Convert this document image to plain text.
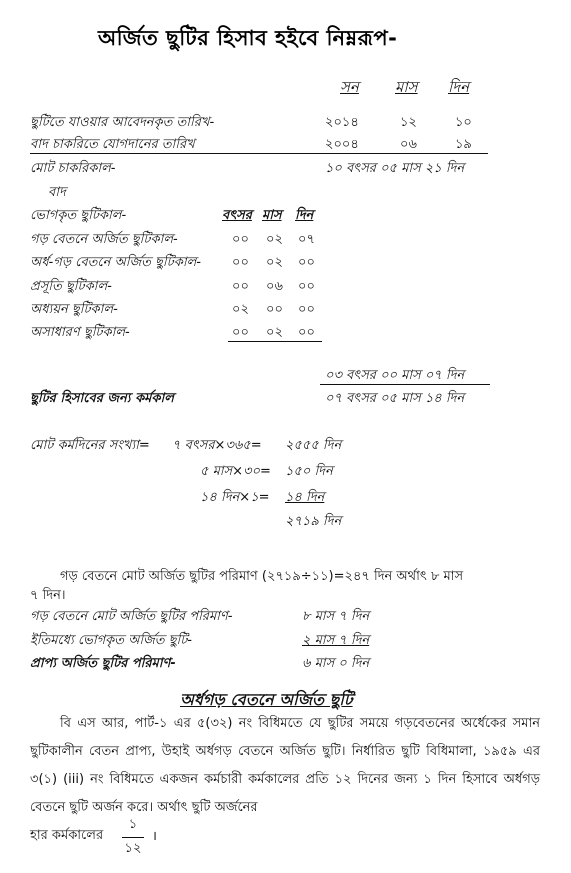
অর্জিত ছুটির হিসাব হইবে নিম্নরূপ-
সন মাস দিন
ছুটিতে যাওয়ার আবেদনকৃত তারিখ-	২০১৪	১২	১০
বাদ চাকরিতে যোগদানের তারিখ	২০০৪	০৬	১৯
মোট চাকরিকাল-	১০ বৎসর ০৫ মাস ২১ দিন
বাদ
ভোগকৃত ছুটিকাল-	বৎসর মাস দিন
গড় বেতনে অর্জিত ছুটিকাল-	০০ ০২ ০৭
অর্ধ-গড় বেতনে অর্জিত ছুটিকাল- ০০ ০২ ০০
প্রসূতি ছুটিকাল-	০০ ০৬ ০০
অধ্যয়ন ছুটিকাল-	০২ ০০ ০০
অসাধারণ ছুটিকাল-	০০ ০২ ০০
০৩ বৎসর ০০ মাস ০৭ দিন
ছুটির হিসাবের জন্য কর্মকাল	০৭ বৎসর ০৫ মাস ১৪ দিন
মোট কর্মদিনের সংখ্যা= ৭ বৎসর×৩৬৫= ২৫৫৫ দিন
৫ মাস×৩০= ১৫০ দিন
১৪ দিন×১= ১৪ দিন
২৭১৯ দিন
গড় বেতনে মোট অর্জিত ছুটির পরিমাণ (২৭১৯÷১১)=২৪৭ দিন অর্থাৎ ৮ মাস
৭ দিন।
গড় বেতনে মোট অর্জিত ছুটির পরিমাণ-	৮ মাস ৭ দিন
ইতিমধ্যে ভোগকৃত অর্জিত ছুটি-	২ মাস ৭ দিন
প্রাপ্য অর্জিত ছুটির পরিমাণ-	৬ মাস ০ দিন
অর্ধগড় বেতনে অর্জিত ছুটি
বি এস আর, পার্ট-১ এর ৫(৩২) নং বিধিমতে যে ছুটির সময়ে গড়বেতনের অর্ধেকের সমান ছুটিকালীন বেতন প্রাপ্য, উহাই অর্ধগড় বেতনে অর্জিত ছুটি। নির্ধারিত ছুটি বিধিমালা, ১৯৫৯ এর ৩(১) (iii) নং বিধিমতে একজন কর্মচারী কর্মকালের প্রতি ১২ দিনের জন্য ১ দিন হিসাবে অর্ধগড় বেতনে ছুটি অর্জন করে। অর্থাৎ ছুটি অর্জনের
হার কর্মকালের
১
১২
।
